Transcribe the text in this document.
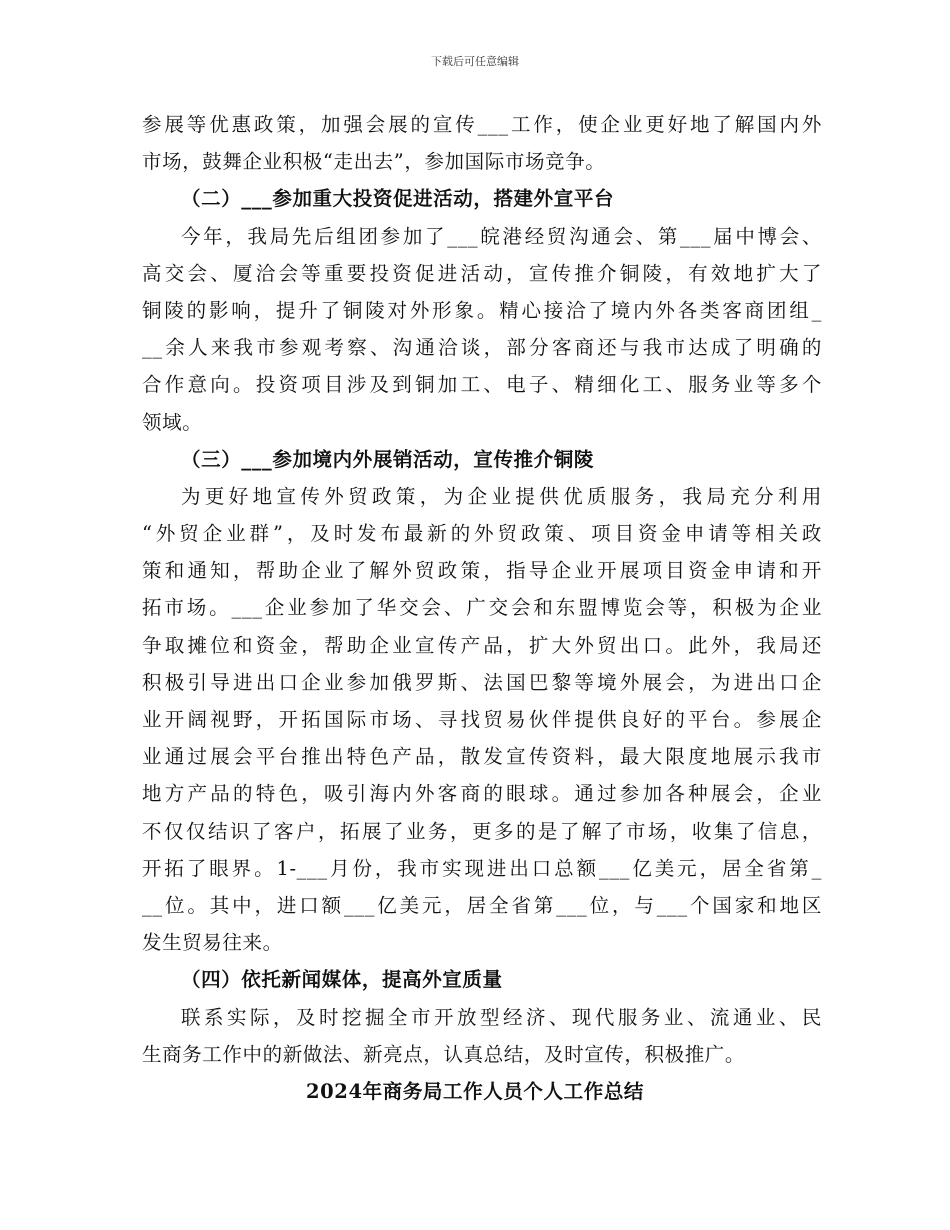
下载后可任意编辑
参展等优惠政策，加强会展的宣传___工作，使企业更好地了解国内外
市场，鼓舞企业积极“走出去”，参加国际市场竞争。
（二）___参加重大投资促进活动，搭建外宣平台
今年，我局先后组团参加了___皖港经贸沟通会、第___届中博会、
高交会、厦洽会等重要投资促进活动，宣传推介铜陵，有效地扩大了
铜陵的影响，提升了铜陵对外形象。精心接洽了境内外各类客商团组_
__余人来我市参观考察、沟通洽谈，部分客商还与我市达成了明确的
合作意向。投资项目涉及到铜加工、电子、精细化工、服务业等多个
领域。
（三）___参加境内外展销活动，宣传推介铜陵
为更好地宣传外贸政策，为企业提供优质服务，我局充分利用
“外贸企业群”，及时发布最新的外贸政策、项目资金申请等相关政
策和通知，帮助企业了解外贸政策，指导企业开展项目资金申请和开
拓市场。___企业参加了华交会、广交会和东盟博览会等，积极为企业
争取摊位和资金，帮助企业宣传产品，扩大外贸出口。此外，我局还
积极引导进出口企业参加俄罗斯、法国巴黎等境外展会，为进出口企
业开阔视野，开拓国际市场、寻找贸易伙伴提供良好的平台。参展企
业通过展会平台推出特色产品，散发宣传资料，最大限度地展示我市
地方产品的特色，吸引海内外客商的眼球。通过参加各种展会，企业
不仅仅结识了客户，拓展了业务，更多的是了解了市场，收集了信息，
开拓了眼界。1-___月份，我市实现进出口总额___亿美元，居全省第_
__位。其中，进口额___亿美元，居全省第___位，与___个国家和地区
发生贸易往来。
（四）依托新闻媒体，提高外宣质量
联系实际，及时挖掘全市开放型经济、现代服务业、流通业、民
生商务工作中的新做法、新亮点，认真总结，及时宣传，积极推广。
2024年商务局工作人员个人工作总结
